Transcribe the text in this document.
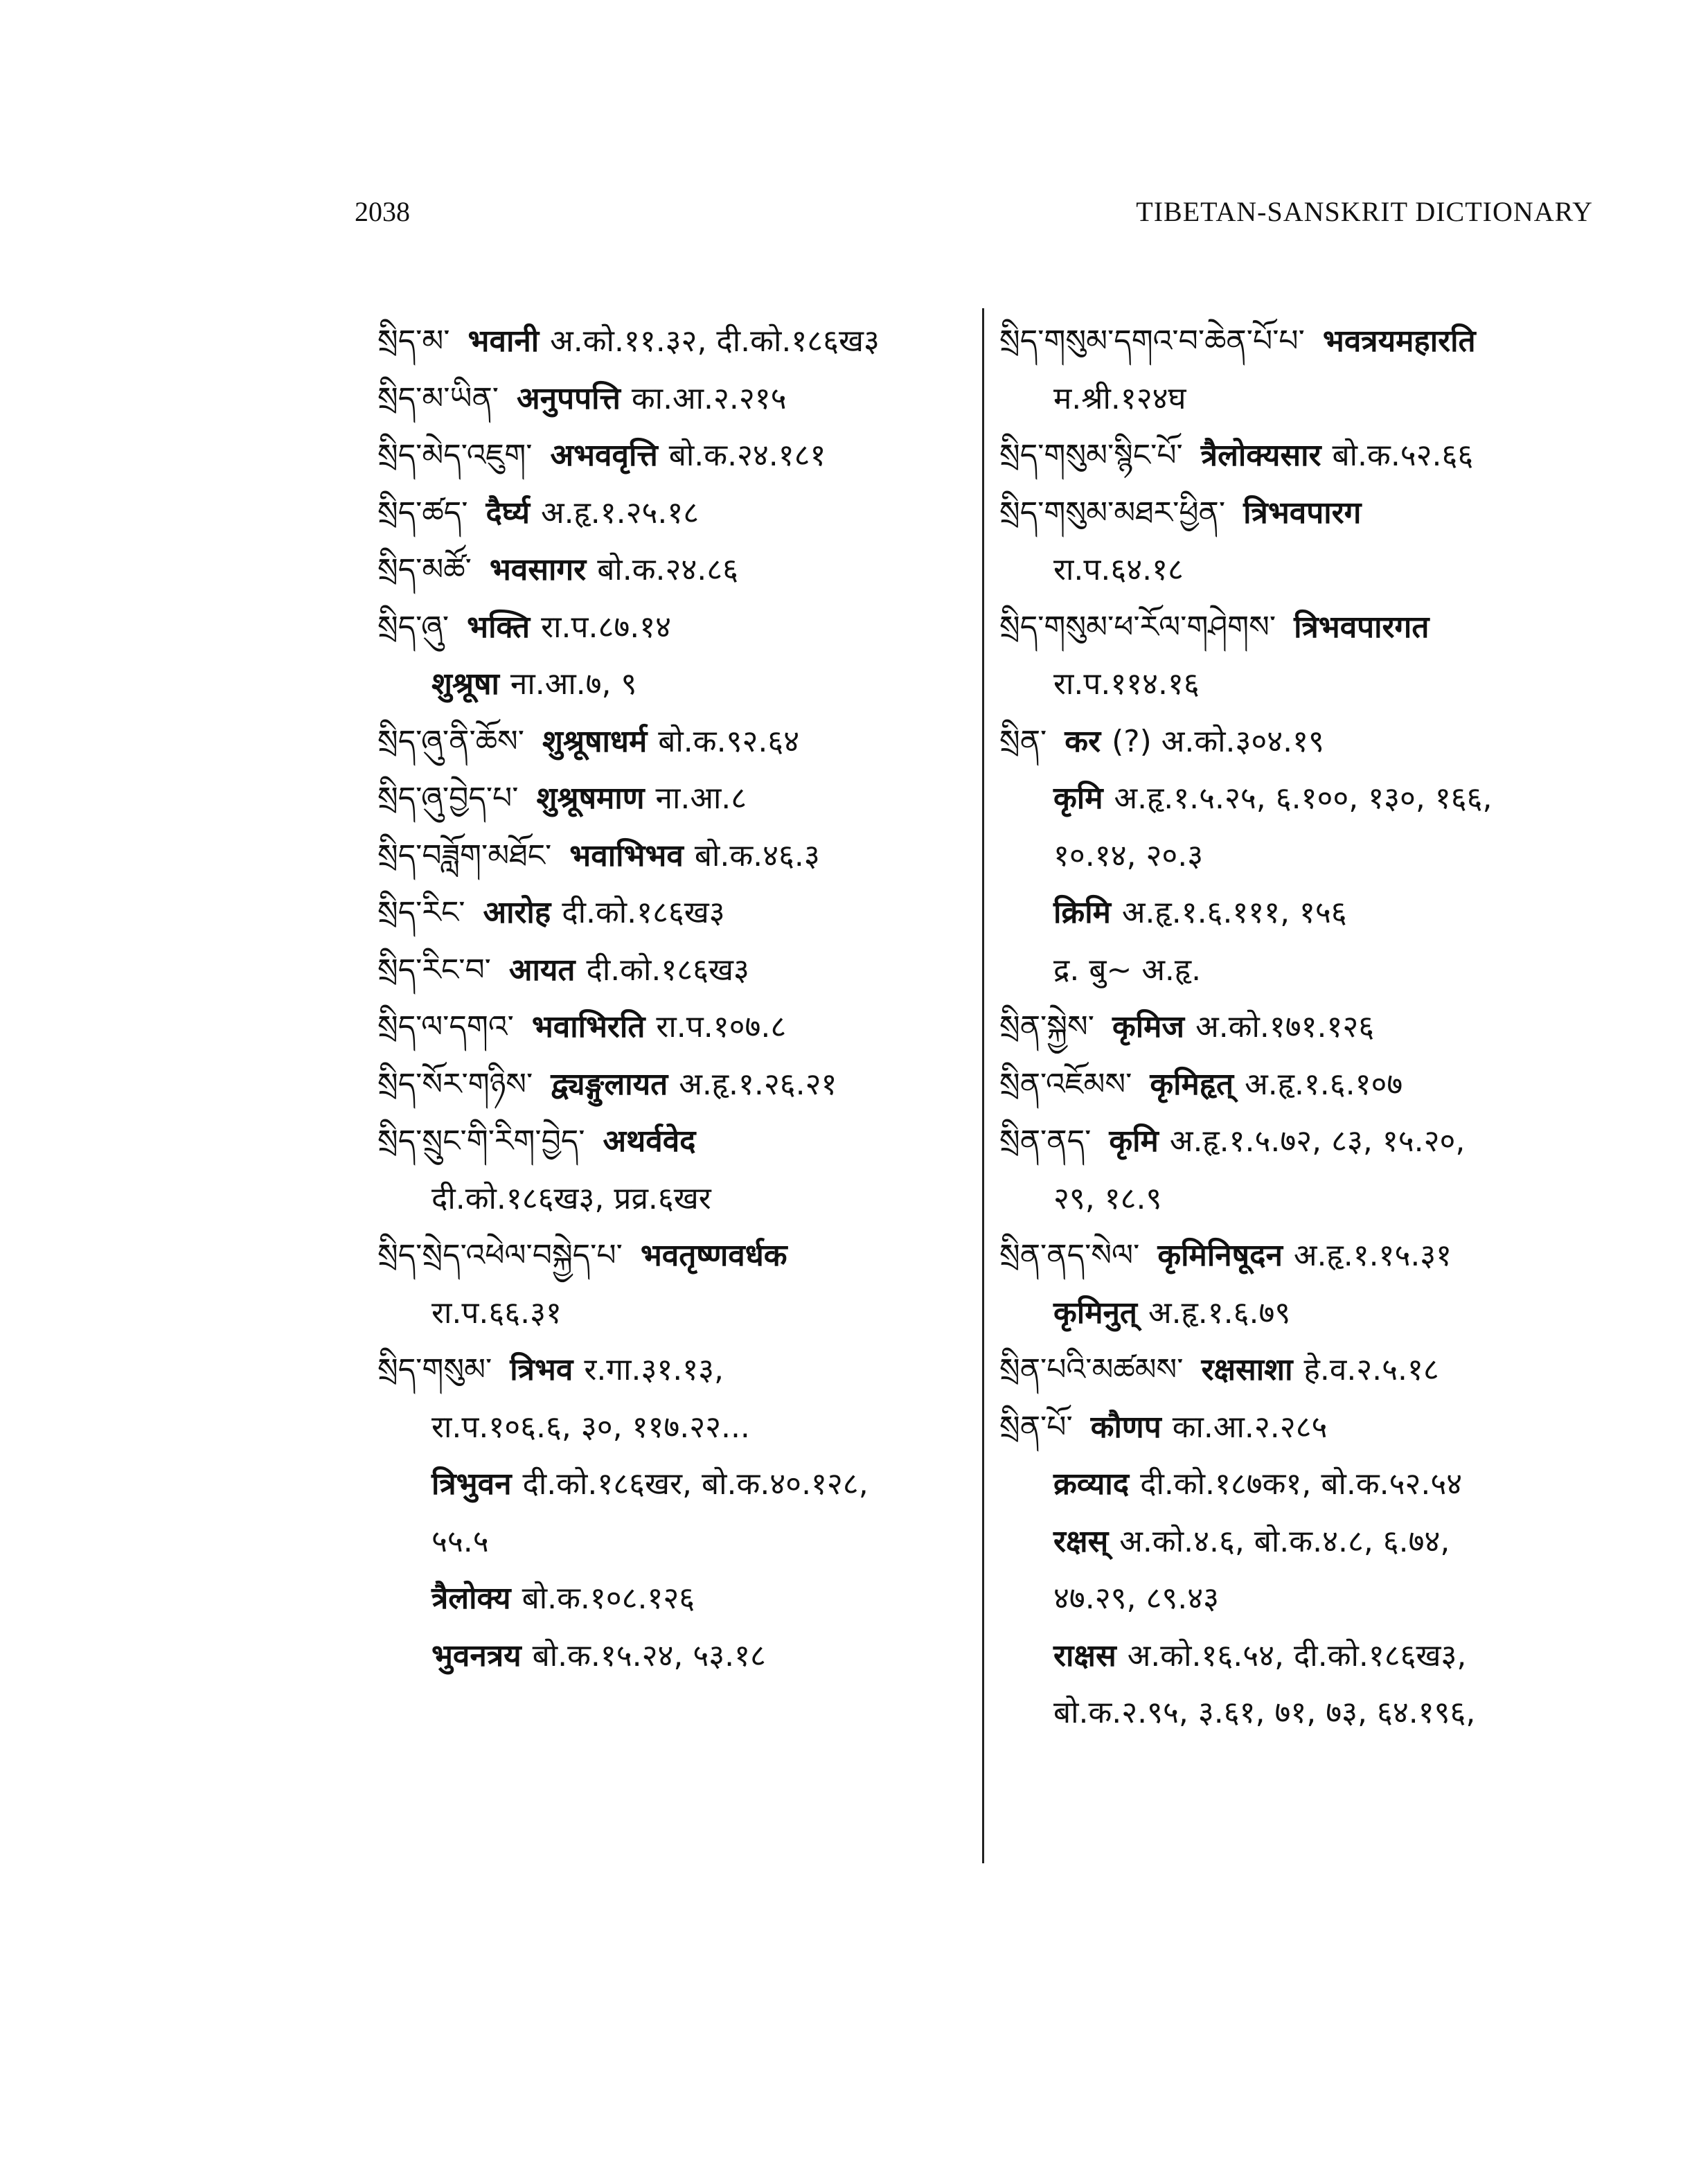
2038	TIBETAN-SANSKRIT DICTIONARY
སྲིད་མ་ भवानी अ.को.११.३२, दी.को.१८६ख३
སྲིད་མ་ཡིན་ अनुपपत्ति का.आ.२.२१५
སྲིད་མེད་འཇུག་ अभववृत्ति बो.क.२४.१८१
སྲིད་ཚད་ दैर्घ्य अ.हृ.१.२५.१८
སྲིད་མཚོ་ भवसागर बो.क.२४.८६
སྲིད་ཞུ་ भक्ति रा.प.८७.१४
शुश्रूषा ना.आ.७, ९
སྲིད་ཞུ་ནི་ཆོས་ शुश्रूषाधर्म बो.क.९२.६४
སྲིད་ཞུ་བྱེད་པ་ शुश्रूषमाण ना.आ.८
སྲིད་བཟློག་མཐོང་ भवाभिभव बो.क.४६.३
སྲིད་རིང་ आरोह दी.को.१८६ख३
སྲིད་རིང་བ་ आयत दी.को.१८६ख३
སྲིད་ལ་དགའ་ भवाभिरति रा.प.१०७.८
སྲིད་སོར་གཉིས་ द्व्यङ्गुलायत अ.हृ.१.२६.२१
སྲིད་སྲུང་གི་རིག་བྱེད་ अथर्ववेद
दी.को.१८६ख३, प्रव्र.६खर
སྲིད་སྲེད་འཕེལ་བསྐྱེད་པ་ भवतृष्णवर्धक
रा.प.६६.३१
སྲིད་གསུམ་ त्रिभव र.गा.३१.१३,
रा.प.१०६.६, ३०, ११७.२२...
त्रिभुवन दी.को.१८६खर, बो.क.४०.१२८,
५५.५
त्रैलोक्य बो.क.१०८.१२६
भुवनत्रय बो.क.१५.२४, ५३.१८
སྲིད་གསུམ་དགའ་བ་ཆེན་པོ་པ་ भवत्रयमहारति
म.श्री.१२४घ
སྲིད་གསུམ་སྙིང་པོ་ त्रैलोक्यसार बो.क.५२.६६
སྲིད་གསུམ་མཐར་ཕྱིན་ त्रिभवपारग
रा.प.६४.१८
སྲིད་གསུམ་ཕ་རོལ་གཤེགས་ त्रिभवपारगत
रा.प.११४.१६
སྲིན་ कर (?) अ.को.३०४.१९
कृमि अ.हृ.१.५.२५, ६.१००, १३०, १६६,
१०.१४, २०.३
क्रिमि अ.हृ.१.६.१११, १५६
द्र. बु~ अ.हृ.
སྲིན་སྐྱེས་ कृमिज अ.को.१७१.१२६
སྲིན་འཇོམས་ कृमिहृत् अ.हृ.१.६.१०७
སྲིན་ནད་ कृमि अ.हृ.१.५.७२, ८३, १५.२०,
२९, १८.९
སྲིན་ནད་སེལ་ कृमिनिषूदन अ.हृ.१.१५.३१
कृमिनुत् अ.हृ.१.६.७९
སྲིན་པའི་མཚམས་ रक्षसाशा हे.व.२.५.१८
སྲིན་པོ་ कौणप का.आ.२.२८५
क्रव्याद दी.को.१८७क१, बो.क.५२.५४
रक्षस् अ.को.४.६, बो.क.४.८, ६.७४,
४७.२९, ८९.४३
राक्षस अ.को.१६.५४, दी.को.१८६ख३,
बो.क.२.९५, ३.६१, ७१, ७३, ६४.१९६,
